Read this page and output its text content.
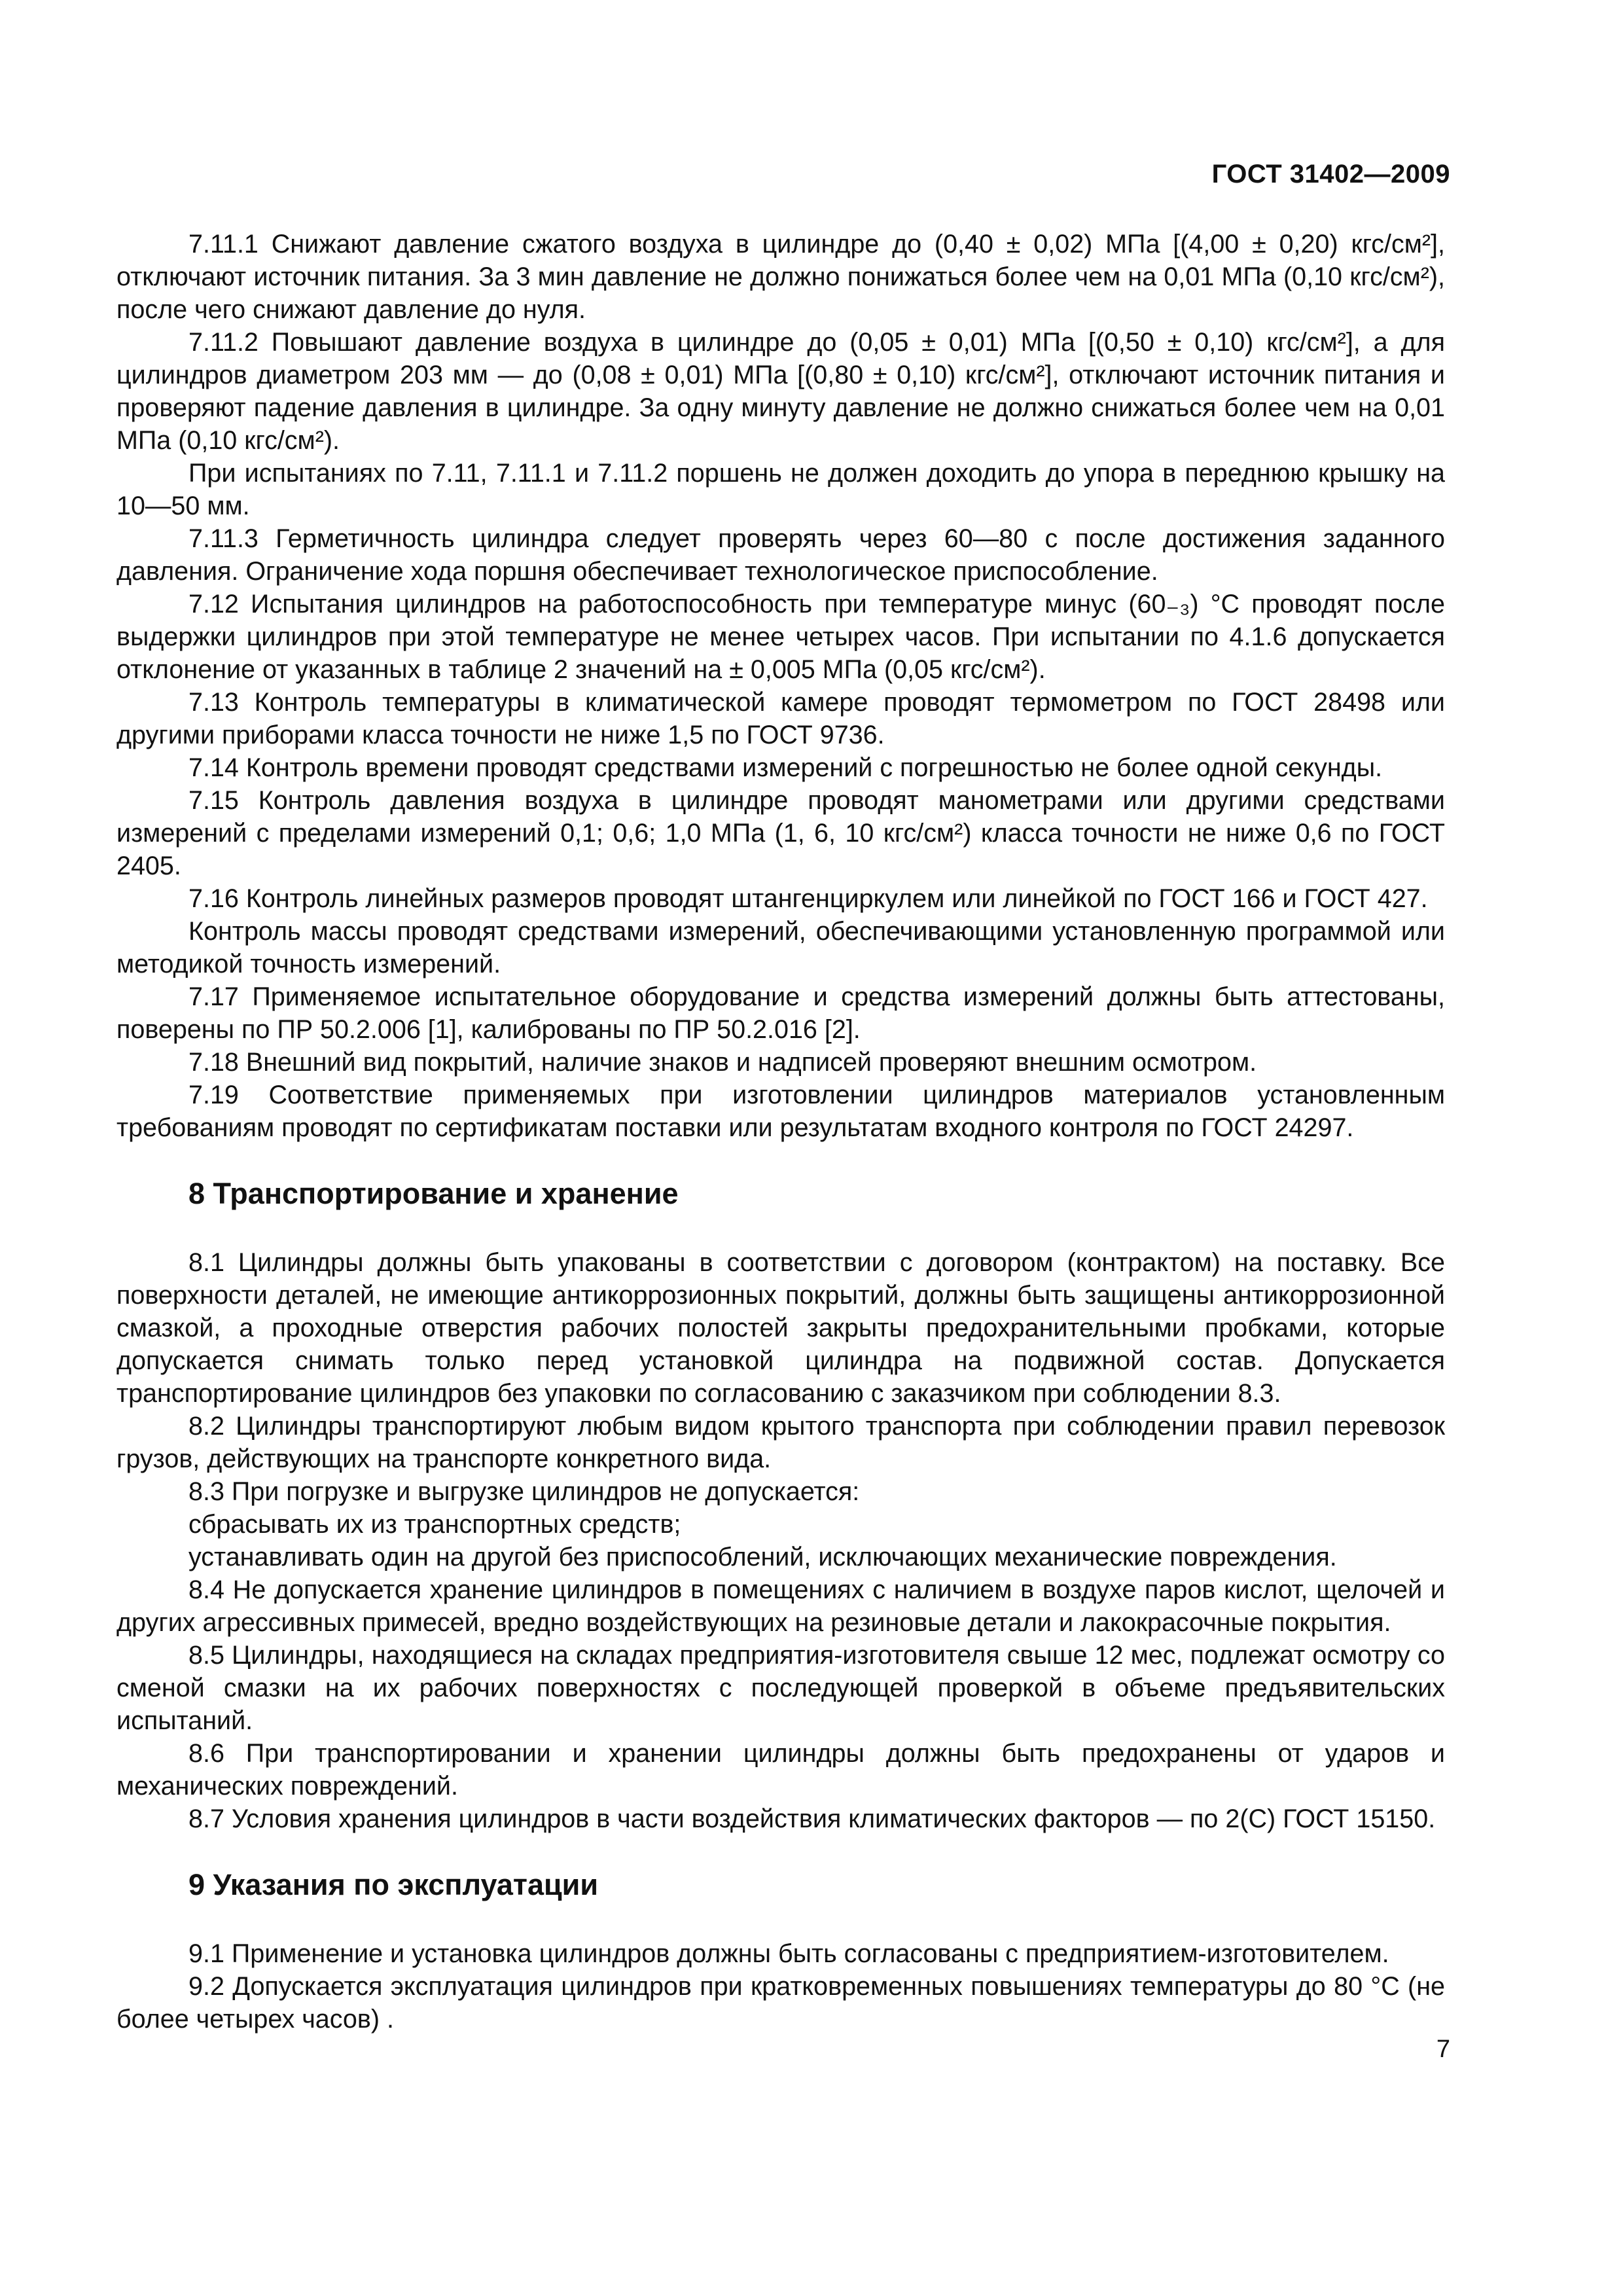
ГОСТ 31402—2009

7.11.1 Снижают давление сжатого воздуха в цилиндре до (0,40 ± 0,02) МПа [(4,00 ± 0,20) кгс/см²], отключают источник питания. За 3 мин давление не должно понижаться более чем на 0,01 МПа (0,10 кгс/см²), после чего снижают давление до нуля.

7.11.2 Повышают давление воздуха в цилиндре до (0,05 ± 0,01) МПа [(0,50 ± 0,10) кгс/см²], а для цилиндров диаметром 203 мм — до (0,08 ± 0,01) МПа [(0,80 ± 0,10) кгс/см²], отключают источник питания и проверяют падение давления в цилиндре. За одну минуту давление не должно снижаться более чем на 0,01 МПа (0,10 кгс/см²).

При испытаниях по 7.11, 7.11.1 и 7.11.2 поршень не должен доходить до упора в переднюю крышку на 10—50 мм.

7.11.3 Герметичность цилиндра следует проверять через 60—80 с после достижения заданного давления. Ограничение хода поршня обеспечивает технологическое приспособление.

7.12 Испытания цилиндров на работоспособность при температуре минус (60₋₃) °С проводят после выдержки цилиндров при этой температуре не менее четырех часов. При испытании по 4.1.6 допускается отклонение от указанных в таблице 2 значений на ± 0,005 МПа (0,05 кгс/см²).

7.13 Контроль температуры в климатической камере проводят термометром по ГОСТ 28498 или другими приборами класса точности не ниже 1,5 по ГОСТ 9736.

7.14 Контроль времени проводят средствами измерений с погрешностью не более одной секунды.

7.15 Контроль давления воздуха в цилиндре проводят манометрами или другими средствами измерений с пределами измерений 0,1; 0,6; 1,0 МПа (1, 6, 10 кгс/см²) класса точности не ниже 0,6 по ГОСТ 2405.

7.16 Контроль линейных размеров проводят штангенциркулем или линейкой по ГОСТ 166 и ГОСТ 427.

Контроль массы проводят средствами измерений, обеспечивающими установленную программой или методикой точность измерений.

7.17 Применяемое испытательное оборудование и средства измерений должны быть аттестованы, поверены по ПР 50.2.006 [1], калиброваны по ПР 50.2.016 [2].

7.18 Внешний вид покрытий, наличие знаков и надписей проверяют внешним осмотром.

7.19 Соответствие применяемых при изготовлении цилиндров материалов установленным требованиям проводят по сертификатам поставки или результатам входного контроля по ГОСТ 24297.

8 Транспортирование и хранение

8.1 Цилиндры должны быть упакованы в соответствии с договором (контрактом) на поставку. Все поверхности деталей, не имеющие антикоррозионных покрытий, должны быть защищены антикоррозионной смазкой, а проходные отверстия рабочих полостей закрыты предохранительными пробками, которые допускается снимать только перед установкой цилиндра на подвижной состав. Допускается транспортирование цилиндров без упаковки по согласованию с заказчиком при соблюдении 8.3.

8.2 Цилиндры транспортируют любым видом крытого транспорта при соблюдении правил перевозок грузов, действующих на транспорте конкретного вида.

8.3 При погрузке и выгрузке цилиндров не допускается:

сбрасывать их из транспортных средств;

устанавливать один на другой без приспособлений, исключающих механические повреждения.

8.4 Не допускается хранение цилиндров в помещениях с наличием в воздухе паров кислот, щелочей и других агрессивных примесей, вредно воздействующих на резиновые детали и лакокрасочные покрытия.

8.5 Цилиндры, находящиеся на складах предприятия-изготовителя свыше 12 мес, подлежат осмотру со сменой смазки на их рабочих поверхностях с последующей проверкой в объеме предъявительских испытаний.

8.6 При транспортировании и хранении цилиндры должны быть предохранены от ударов и механических повреждений.

8.7 Условия хранения цилиндров в части воздействия климатических факторов — по 2(С) ГОСТ 15150.

9 Указания по эксплуатации

9.1 Применение и установка цилиндров должны быть согласованы с предприятием-изготовителем.

9.2 Допускается эксплуатация цилиндров при кратковременных повышениях температуры до 80 °С (не более четырех часов) .

7
